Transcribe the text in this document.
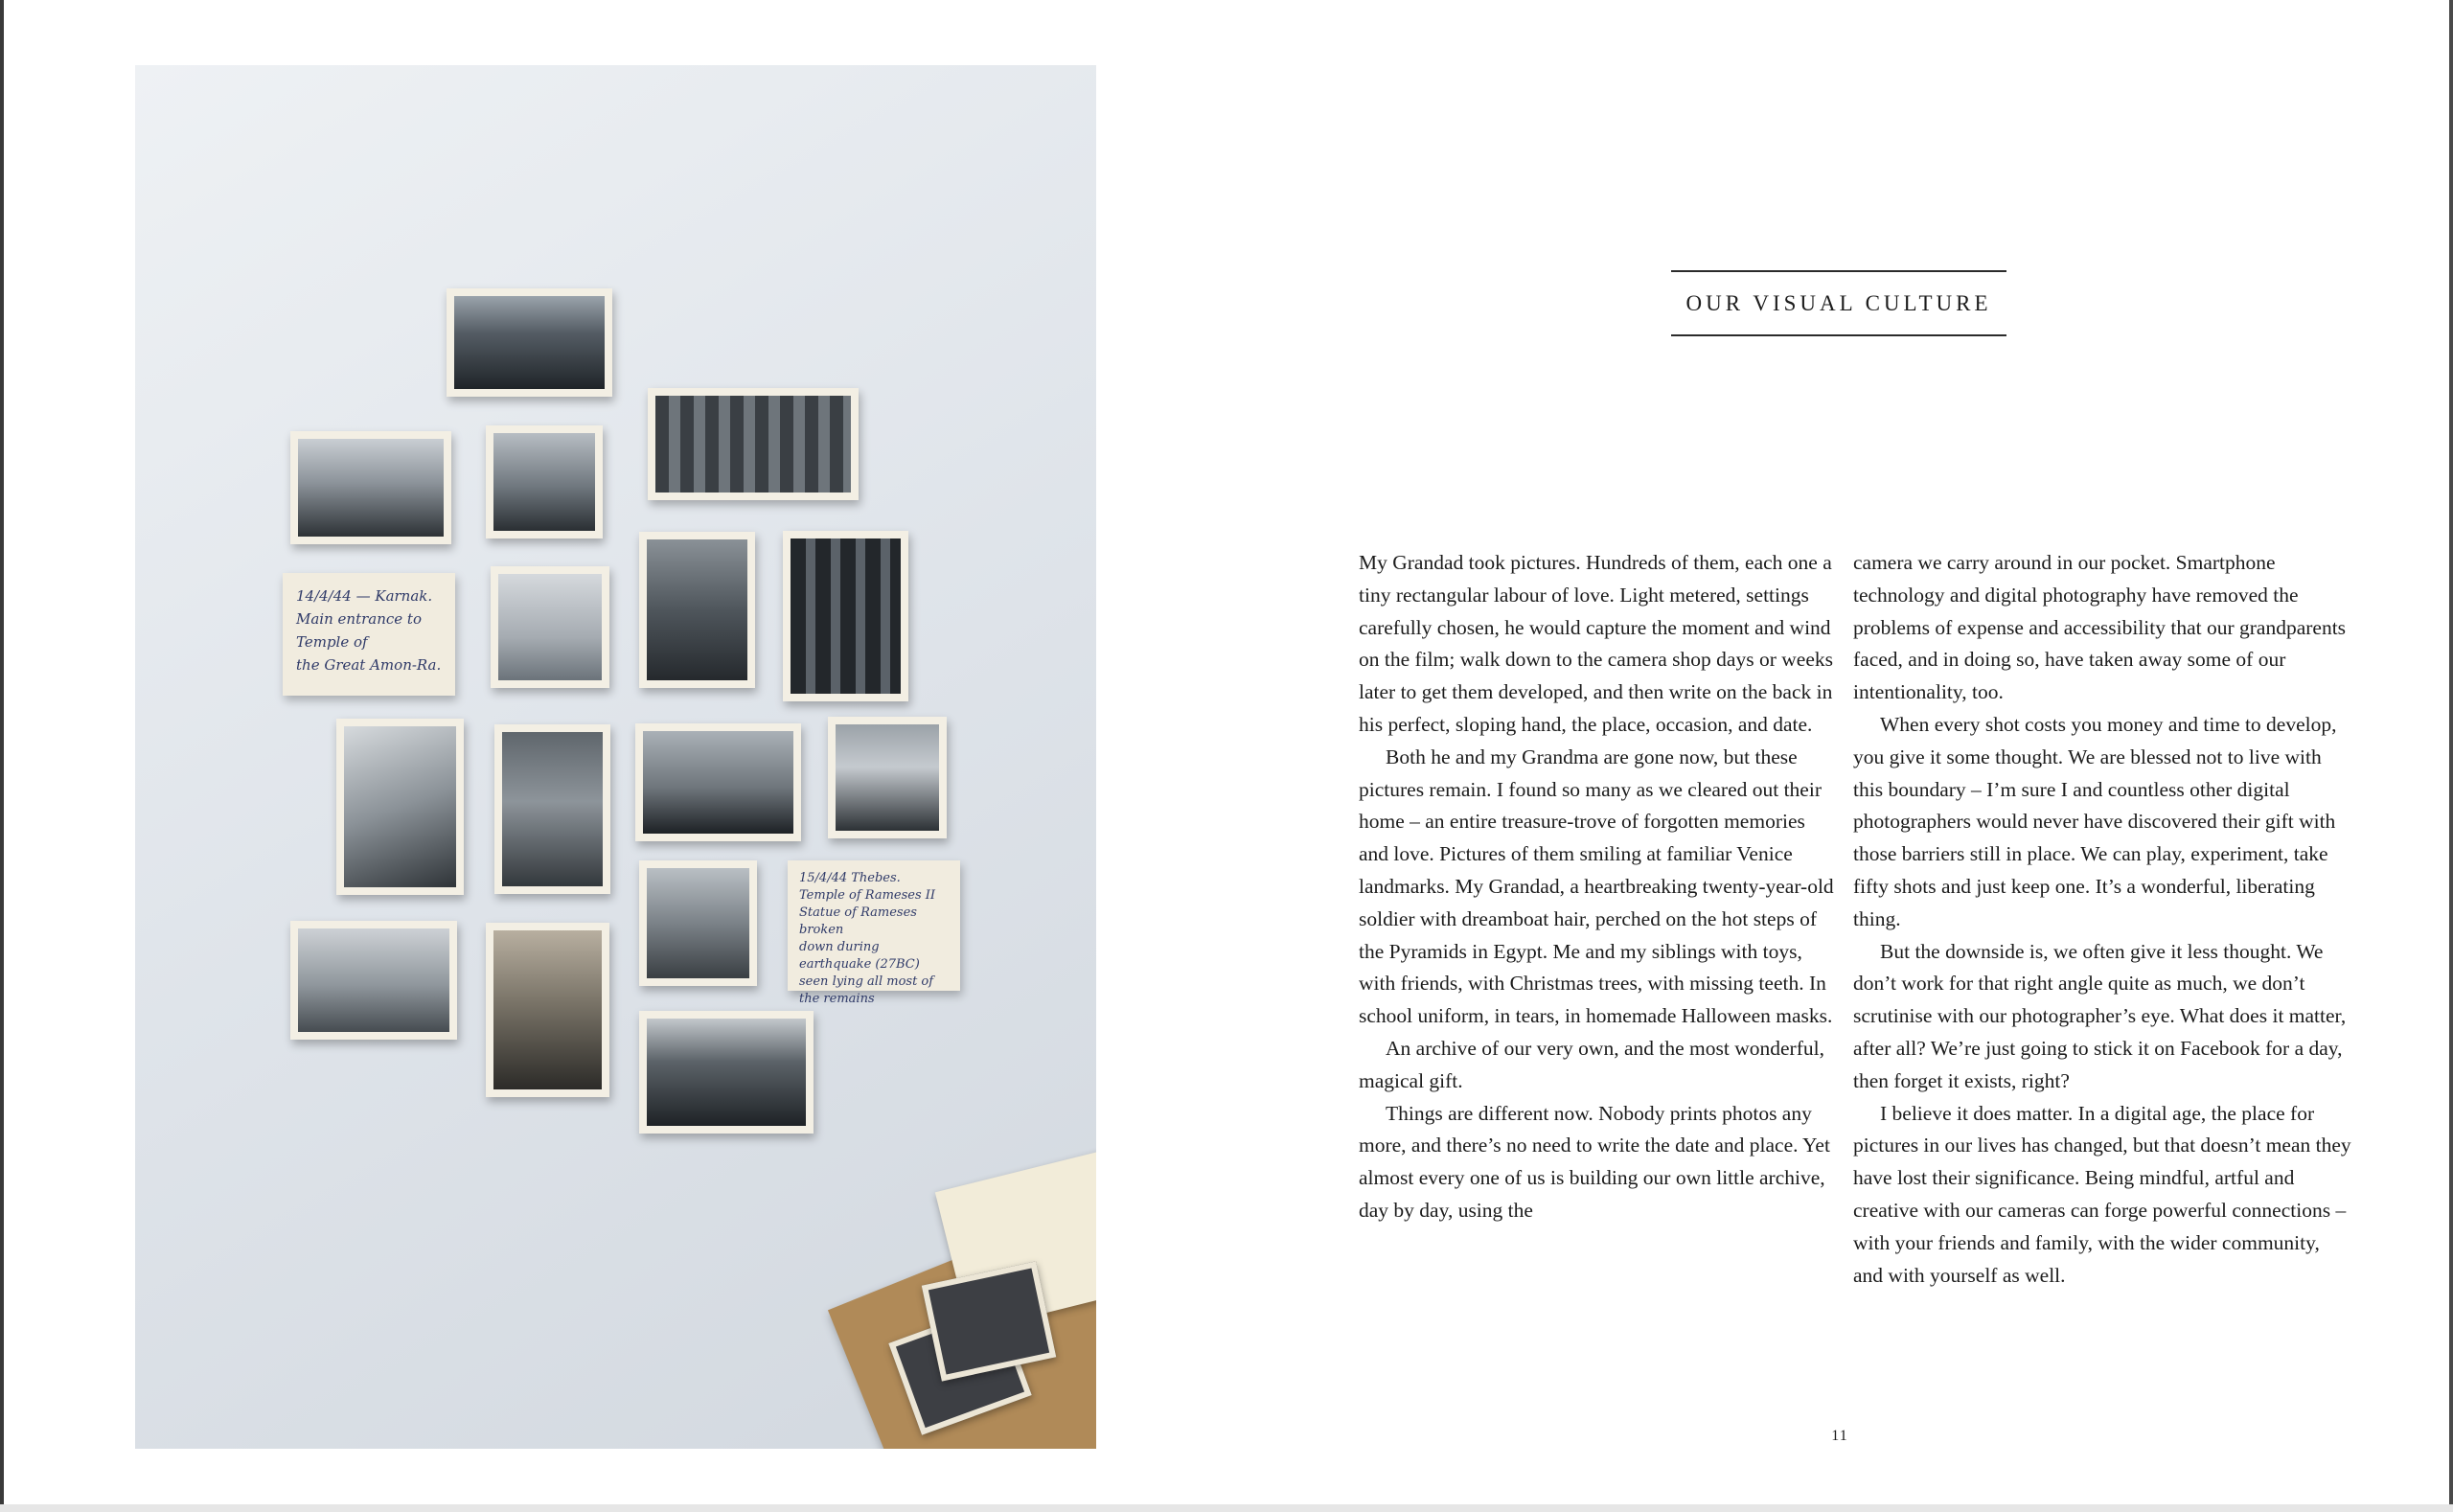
14/4/44 — Karnak.
Main entrance to Temple of
the Great Amon-Ra.
15/4/44 Thebes.
Temple of Rameses II
Statue of Rameses broken
down during earthquake (27BC)
seen lying all most of the remains
OUR VISUAL CULTURE

My Grandad took pictures. Hundreds of them, each one a tiny rectangular labour of love. Light metered, settings carefully chosen, he would capture the moment and wind on the film; walk down to the camera shop days or weeks later to get them developed, and then write on the back in his perfect, sloping hand, the place, occasion, and date.

Both he and my Grandma are gone now, but these pictures remain. I found so many as we cleared out their home – an entire treasure-trove of forgotten memories and love. Pictures of them smiling at familiar Venice landmarks. My Grandad, a heartbreaking twenty-year-old soldier with dreamboat hair, perched on the hot steps of the Pyramids in Egypt. Me and my siblings with toys, with friends, with Christmas trees, with missing teeth. In school uniform, in tears, in homemade Halloween masks.

An archive of our very own, and the most wonderful, magical gift.

Things are different now. Nobody prints photos any more, and there’s no need to write the date and place. Yet almost every one of us is building our own little archive, day by day, using the

camera we carry around in our pocket. Smartphone technology and digital photography have removed the problems of expense and accessibility that our grandparents faced, and in doing so, have taken away some of our intentionality, too.

When every shot costs you money and time to develop, you give it some thought. We are blessed not to live with this boundary – I’m sure I and countless other digital photographers would never have discovered their gift with those barriers still in place. We can play, experiment, take fifty shots and just keep one. It’s a wonderful, liberating thing.

But the downside is, we often give it less thought. We don’t work for that right angle quite as much, we don’t scrutinise with our photographer’s eye. What does it matter, after all? We’re just going to stick it on Facebook for a day, then forget it exists, right?

I believe it does matter. In a digital age, the place for pictures in our lives has changed, but that doesn’t mean they have lost their significance. Being mindful, artful and creative with our cameras can forge powerful connections – with your friends and family, with the wider community, and with yourself as well.

11
